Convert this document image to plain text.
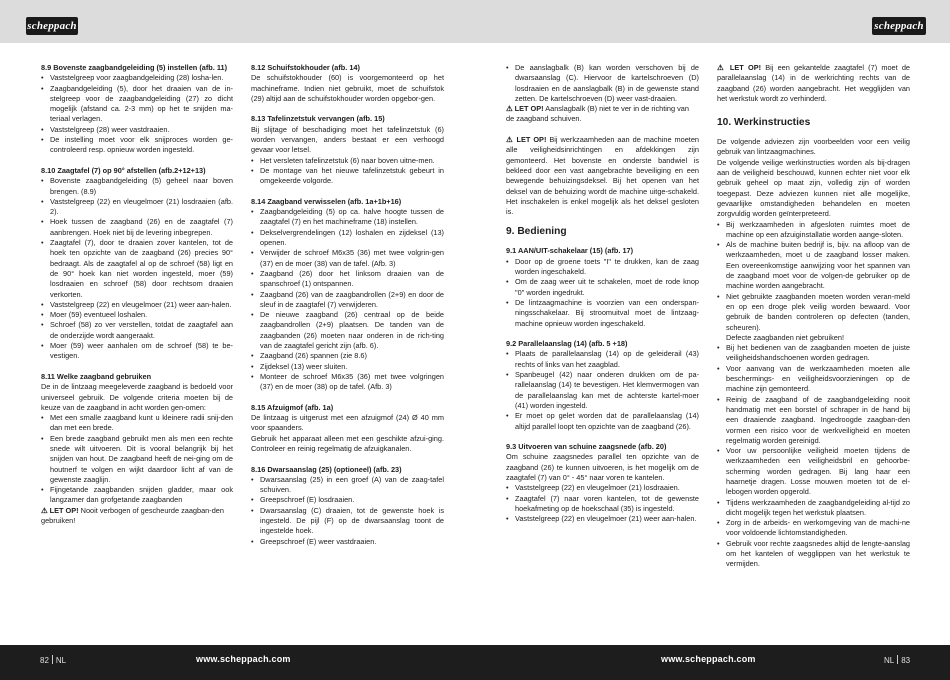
scheppach	scheppach

8.9 Bovenste zaagbandgeleiding (5) instellen (afb. 11)

• Vaststelgreep voor zaagbandgeleiding (28) losha-len.
• Zaagbandgeleiding (5), door het draaien van de in-stelgreep voor de zaagbandgeleiding (27) zo dicht mogelijk (afstand ca. 2-3 mm) op het te snijden ma-teriaal verlagen.
• Vaststelgreep (28) weer vastdraaien.
• De instelling moet voor elk snijproces worden ge-controleerd resp. opnieuw worden ingesteld.

8.10 Zaagtafel (7) op 90° afstellen (afb.2+12+13)

• Bovenste zaagbandgeleiding (5) geheel naar boven brengen. (8.9)
• Vaststelgreep (22) en vleugelmoer (21) losdraaien (afb. 2).
• Hoek tussen de zaagband (26) en de zaagtafel (7) aanbrengen. Hoek niet bij de levering inbegrepen.
• Zaagtafel (7), door te draaien zover kantelen, tot de hoek ten opzichte van de zaagband (26) precies 90° bedraagt. Als de zaagtafel al op de schroef (58) ligt en de 90° hoek kan niet worden ingesteld, moer (59) losdraaien en schroef (58) door rechtsom draaien verkorten.
• Vaststelgreep (22) en vleugelmoer (21) weer aan-halen.
• Moer (59) eventueel loshalen.
• Schroef (58) zo ver verstellen, totdat de zaagtafel aan de onderzijde wordt aangeraakt.
• Moer (59) weer aanhalen om de schroef (58) te be-vestigen.

8.11 Welke zaagband gebruiken

De in de lintzaag meegeleverde zaagband is bedoeld voor universeel gebruik. De volgende criteria moeten bij de keuze van de zaagband in acht worden gen-omen:

• Met een smalle zaagband kunt u kleinere radii snij-den dan met een brede.
• Een brede zaagband gebruikt men als men een rechte snede wilt uitvoeren. Dit is vooral belangrijk bij het snijden van hout. De zaagband heeft de nei-ging om de houtnerf te volgen en wijkt daardoor licht af van de gewenste zaaglijn.
• Fijngetande zaagbanden snijden gladder, maar ook langzamer dan grofgetande zaagbanden

⚠ LET OP! Nooit verbogen of gescheurde zaagban-den gebruiken!

8.12 Schuifstokhouder (afb. 14)

De schuifstokhouder (60) is voorgemonteerd op het machineframe. Indien niet gebruikt, moet de schuifstok (29) altijd aan de schuifstokhouder worden opgebor-gen.

8.13 Tafelinzetstuk vervangen (afb. 15)

Bij slijtage of beschadiging moet het tafelinzetstuk (6) worden vervangen, anders bestaat er een verhoogd gevaar voor letsel.

• Het versleten tafelinzetstuk (6) naar boven uitne-men.
• De montage van het nieuwe tafelinzetstuk gebeurt in omgekeerde volgorde.

8.14 Zaagband verwisselen (afb. 1a+1b+16)

• Zaagbandgeleiding (5) op ca. halve hoogte tussen de zaagtafel (7) en het machineframe (18) instellen.
• Dekselvergrendelingen (12) loshalen en zijdeksel (13) openen.
• Verwijder de schroef M6x35 (36) met twee volgrin-gen (37) en de moer (38) van de tafel. (Afb. 3)
• Zaagband (26) door het linksom draaien van de spanschroef (1) ontspannen.
• Zaagband (26) van de zaagbandrollen (2+9) en door de sleuf in de zaagtafel (7) verwijderen.
• De nieuwe zaagband (26) centraal op de beide zaagbandrollen (2+9) plaatsen. De tanden van de zaagbanden (26) moeten naar onderen in de rich-ting van de zaagtafel gericht zijn (afb. 6).
• Zaagband (26) spannen (zie 8.6)
• Zijdeksel (13) weer sluiten.
• Monteer de schroef M6x35 (36) met twee volgringen (37) en de moer (38) op de tafel. (Afb. 3)

8.15 Afzuigmof (afb. 1a)

De lintzaag is uitgerust met een afzuigmof (24) Ø 40 mm voor spaanders.

Gebruik het apparaat alleen met een geschikte afzui-ging. Controleer en reinig regelmatig de afzuigkanalen.

8.16 Dwarsaanslag (25) (optioneel) (afb. 23)

• Dwarsaanslag (25) in een groef (A) van de zaag-tafel schuiven.
• Greepschroef (E) losdraaien.
• Dwarsaanslag (C) draaien, tot de gewenste hoek is ingesteld. De pijl (F) op de dwarsaanslag toont de ingestelde hoek.
• Greepschroef (E) weer vastdraaien.
• De aanslagbalk (B) kan worden verschoven bij de dwarsaanslag (C). Hiervoor de kartelschroeven (D) losdraaien en de aanslagbalk (B) in de gewenste stand zetten. De kartelschroeven (D) weer vast-draaien.

⚠ LET OP! Aanslagbalk (B) niet te ver in de richting van de zaagband schuiven.

⚠ LET OP! Bij werkzaamheden aan de machine moeten alle veiligheidsinrichtingen en afdekkingen zijn gemonteerd. Het bovenste en onderste bandwiel is bekleed door een vast aangebrachte beveiliging en een bewegende behuizingsdeksel. Bij het openen van het deksel van de behuizing wordt de machine uitge-schakeld. Het inschakelen is enkel mogelijk als het deksel gesloten is.

9. Bediening

9.1 AAN/UIT-schakelaar (15) (afb. 17)

• Door op de groene toets "I" te drukken, kan de zaag worden ingeschakeld.
• Om de zaag weer uit te schakelen, moet de rode knop "0" worden ingedrukt.
• De lintzaagmachine is voorzien van een onderspan-ningsschakelaar. Bij stroomuitval moet de lintzaag-machine opnieuw worden ingeschakeld.

9.2 Parallelaanslag (14) (afb. 5 +18)

• Plaats de parallelaanslag (14) op de geleiderail (43) rechts of links van het zaagblad.
• Spanbeugel (42) naar onderen drukken om de pa-rallelaanslag (14) te bevestigen. Het klemvermogen van de parallelaanslag kan met de achterste kartel-moer (41) worden ingesteld.
• Er moet op gelet worden dat de parallelaanslag (14) altijd parallel loopt ten opzichte van de zaagband (26).

9.3 Uitvoeren van schuine zaagsnede (afb. 20)

Om schuine zaagsnedes parallel ten opzichte van de zaagband (26) te kunnen uitvoeren, is het mogelijk om de zaagtafel (7) van 0° - 45° naar voren te kantelen.

• Vaststelgreep (22) en vleugelmoer (21) losdraaien.
• Zaagtafel (7) naar voren kantelen, tot de gewenste hoekafmeting op de hoekschaal (35) is ingesteld.
• Vaststelgreep (22) en vleugelmoer (21) weer aan-halen.

⚠ LET OP! Bij een gekantelde zaagtafel (7) moet de parallelaanslag (14) in de werkrichting rechts van de zaagband (26) worden aangebracht. Het wegglijden van het werkstuk wordt zo verhinderd.

10. Werkinstructies

De volgende adviezen zijn voorbeelden voor een veilig gebruik van lintzaagmachines.

De volgende veilige werkinstructies worden als bij-dragen aan de veiligheid beschouwd, kunnen echter niet voor elk gebruik geheel op maat zijn, volledig zijn of worden toegepast. Deze adviezen kunnen niet alle mogelijke, gevaarlijke omstandigheden behandelen en moeten zorgvuldig worden geïnterpreteerd.

• Bij werkzaamheden in afgesloten ruimtes moet de machine op een afzuiginstallatie worden aange-sloten.
• Als de machine buiten bedrijf is, bijv. na afloop van de werkzaamheden, moet u de zaagband losser maken. Een overeenkomstige aanwijzing voor het spannen van de zaagband moet voor de volgen-de gebruiker op de machine worden aangebracht.
• Niet gebruikte zaagbanden moeten worden veran-meld en op een droge plek veilig worden bewaard. Voor gebruik de banden controleren op defecten (tanden, scheuren).
Defecte zaagbanden niet gebruiken!
• Bij het bedienen van de zaagbanden moeten de juiste veiligheidshandschoenen worden gedragen.
• Voor aanvang van de werkzaamheden moeten alle beschermings- en veiligheidsvoorzieningen op de machine zijn gemonteerd.
• Reinig de zaagband of de zaagbandgeleiding nooit handmatig met een borstel of schraper in de hand bij een draaiende zaagband. Ingedroogde zaagban-den vormen een risico voor de werkveiligheid en moeten regelmatig worden gereinigd.
• Voor uw persoonlijke veiligheid moeten tijdens de werkzaamheden een veiligheidsbril en gehoorbe-scherming worden gedragen. Bij lang haar een haarnetje dragen. Losse mouwen moeten tot de el-lebogen worden opgerold.
• Tijdens werkzaamheden de zaagbandgeleiding al-tijd zo dicht mogelijk tegen het werkstuk plaatsen.
• Zorg in de arbeids- en werkomgeving van de machi-ne voor voldoende lichtomstandigheden.
• Gebruik voor rechte zaagsnedes altijd de lengte-aanslag om het kantelen of wegglippen van het werkstuk te vermijden.
82 NL	www.scheppach.com	www.scheppach.com	NL 83
